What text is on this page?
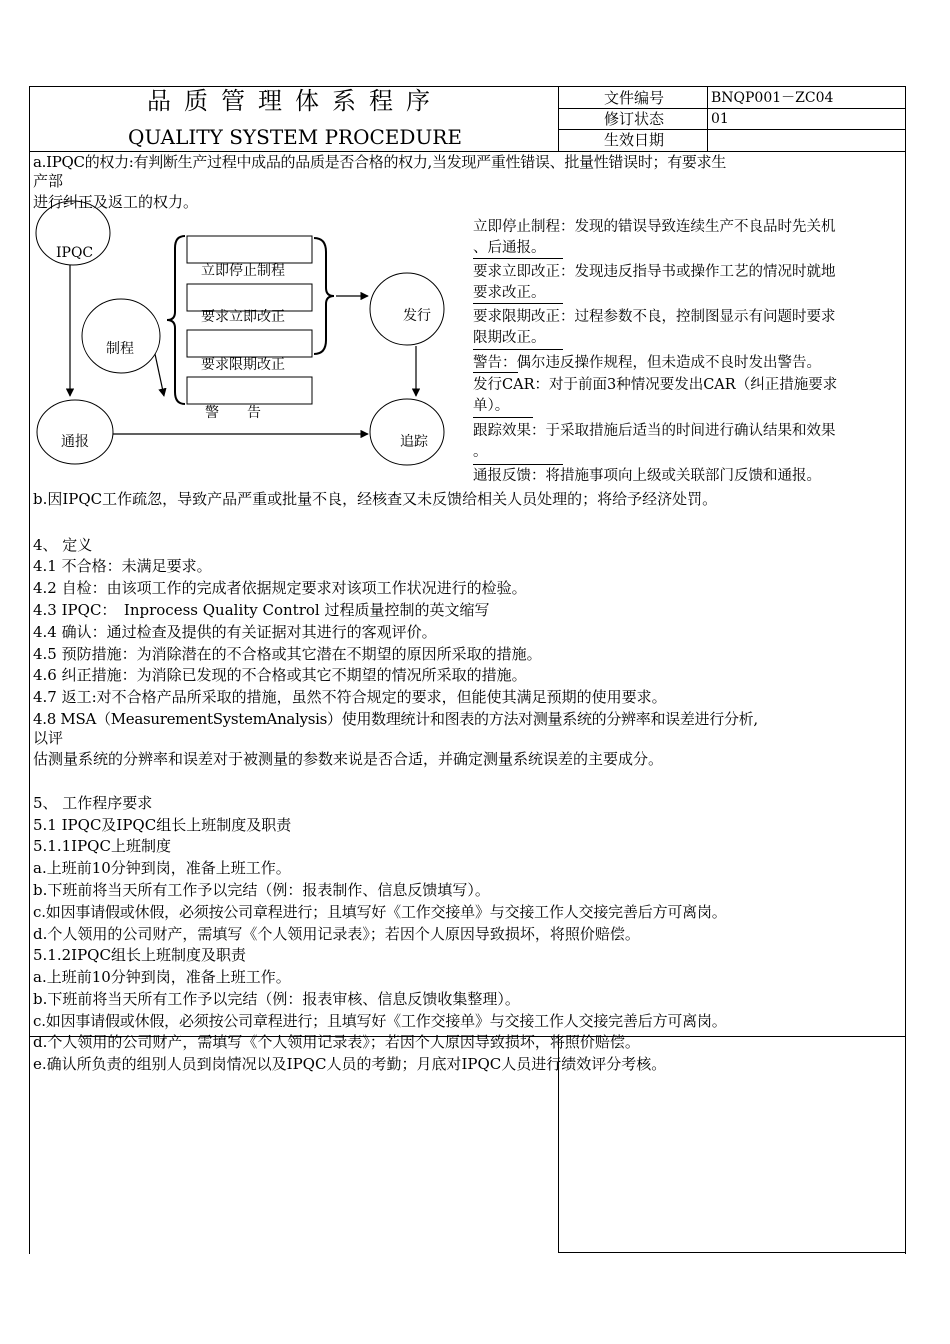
品质管理体系程序
QUALITY SYSTEM PROCEDURE
文件编号	BNQP001－ZC04
修订状态	01
生效日期
a.IPQC的权力:有判断生产过程中成品的品质是否合格的权力,当发现严重性错误、批量性错误时；有要求生
产部
进行纠正及返工的权力。
IPQC
制程
通报
发行
追踪
立即停止制程
要求立即改正
要求限期改正
警　　告
立即停止制程：发现的错误导致连续生产不良品时先关机
、后通报。
要求立即改正：发现违反指导书或操作工艺的情况时就地
要求改正。
要求限期改正：过程参数不良，控制图显示有问题时要求
限期改正。
警告：偶尔违反操作规程，但未造成不良时发出警告。
发行CAR：对于前面3种情况要发出CAR（纠正措施要求
单）。
跟踪效果：于采取措施后适当的时间进行确认结果和效果
。
通报反馈：将措施事项向上级或关联部门反馈和通报。
b.因IPQC工作疏忽，导致产品严重或批量不良，经核查又未反馈给相关人员处理的；将给予经济处罚。
4、 定义
4.1 不合格：未满足要求。
4.2 自检：由该项工作的完成者依据规定要求对该项工作状况进行的检验。
4.3 IPQC：　Inprocess Quality Control 过程质量控制的英文缩写
4.4 确认：通过检查及提供的有关证据对其进行的客观评价。
4.5 预防措施：为消除潜在的不合格或其它潜在不期望的原因所采取的措施。
4.6 纠正措施：为消除已发现的不合格或其它不期望的情况所采取的措施。
4.7 返工:对不合格产品所采取的措施，虽然不符合规定的要求，但能使其满足预期的使用要求。
4.8 MSA（MeasurementSystemAnalysis）使用数理统计和图表的方法对测量系统的分辨率和误差进行分析,
以评
估测量系统的分辨率和误差对于被测量的参数来说是否合适，并确定测量系统误差的主要成分。
5、 工作程序要求
5.1 IPQC及IPQC组长上班制度及职责
5.1.1IPQC上班制度
a.上班前10分钟到岗，准备上班工作。
b.下班前将当天所有工作予以完结（例：报表制作、信息反馈填写）。
c.如因事请假或休假，必须按公司章程进行；且填写好《工作交接单》与交接工作人交接完善后方可离岗。
d.个人领用的公司财产，需填写《个人领用记录表》；若因个人原因导致损坏，将照价赔偿。
5.1.2IPQC组长上班制度及职责
a.上班前10分钟到岗，准备上班工作。
b.下班前将当天所有工作予以完结（例：报表审核、信息反馈收集整理）。
c.如因事请假或休假，必须按公司章程进行；且填写好《工作交接单》与交接工作人交接完善后方可离岗。
d.个人领用的公司财产，需填写《个人领用记录表》；若因个人原因导致损坏，将照价赔偿。
e.确认所负责的组别人员到岗情况以及IPQC人员的考勤；月底对IPQC人员进行绩效评分考核。
